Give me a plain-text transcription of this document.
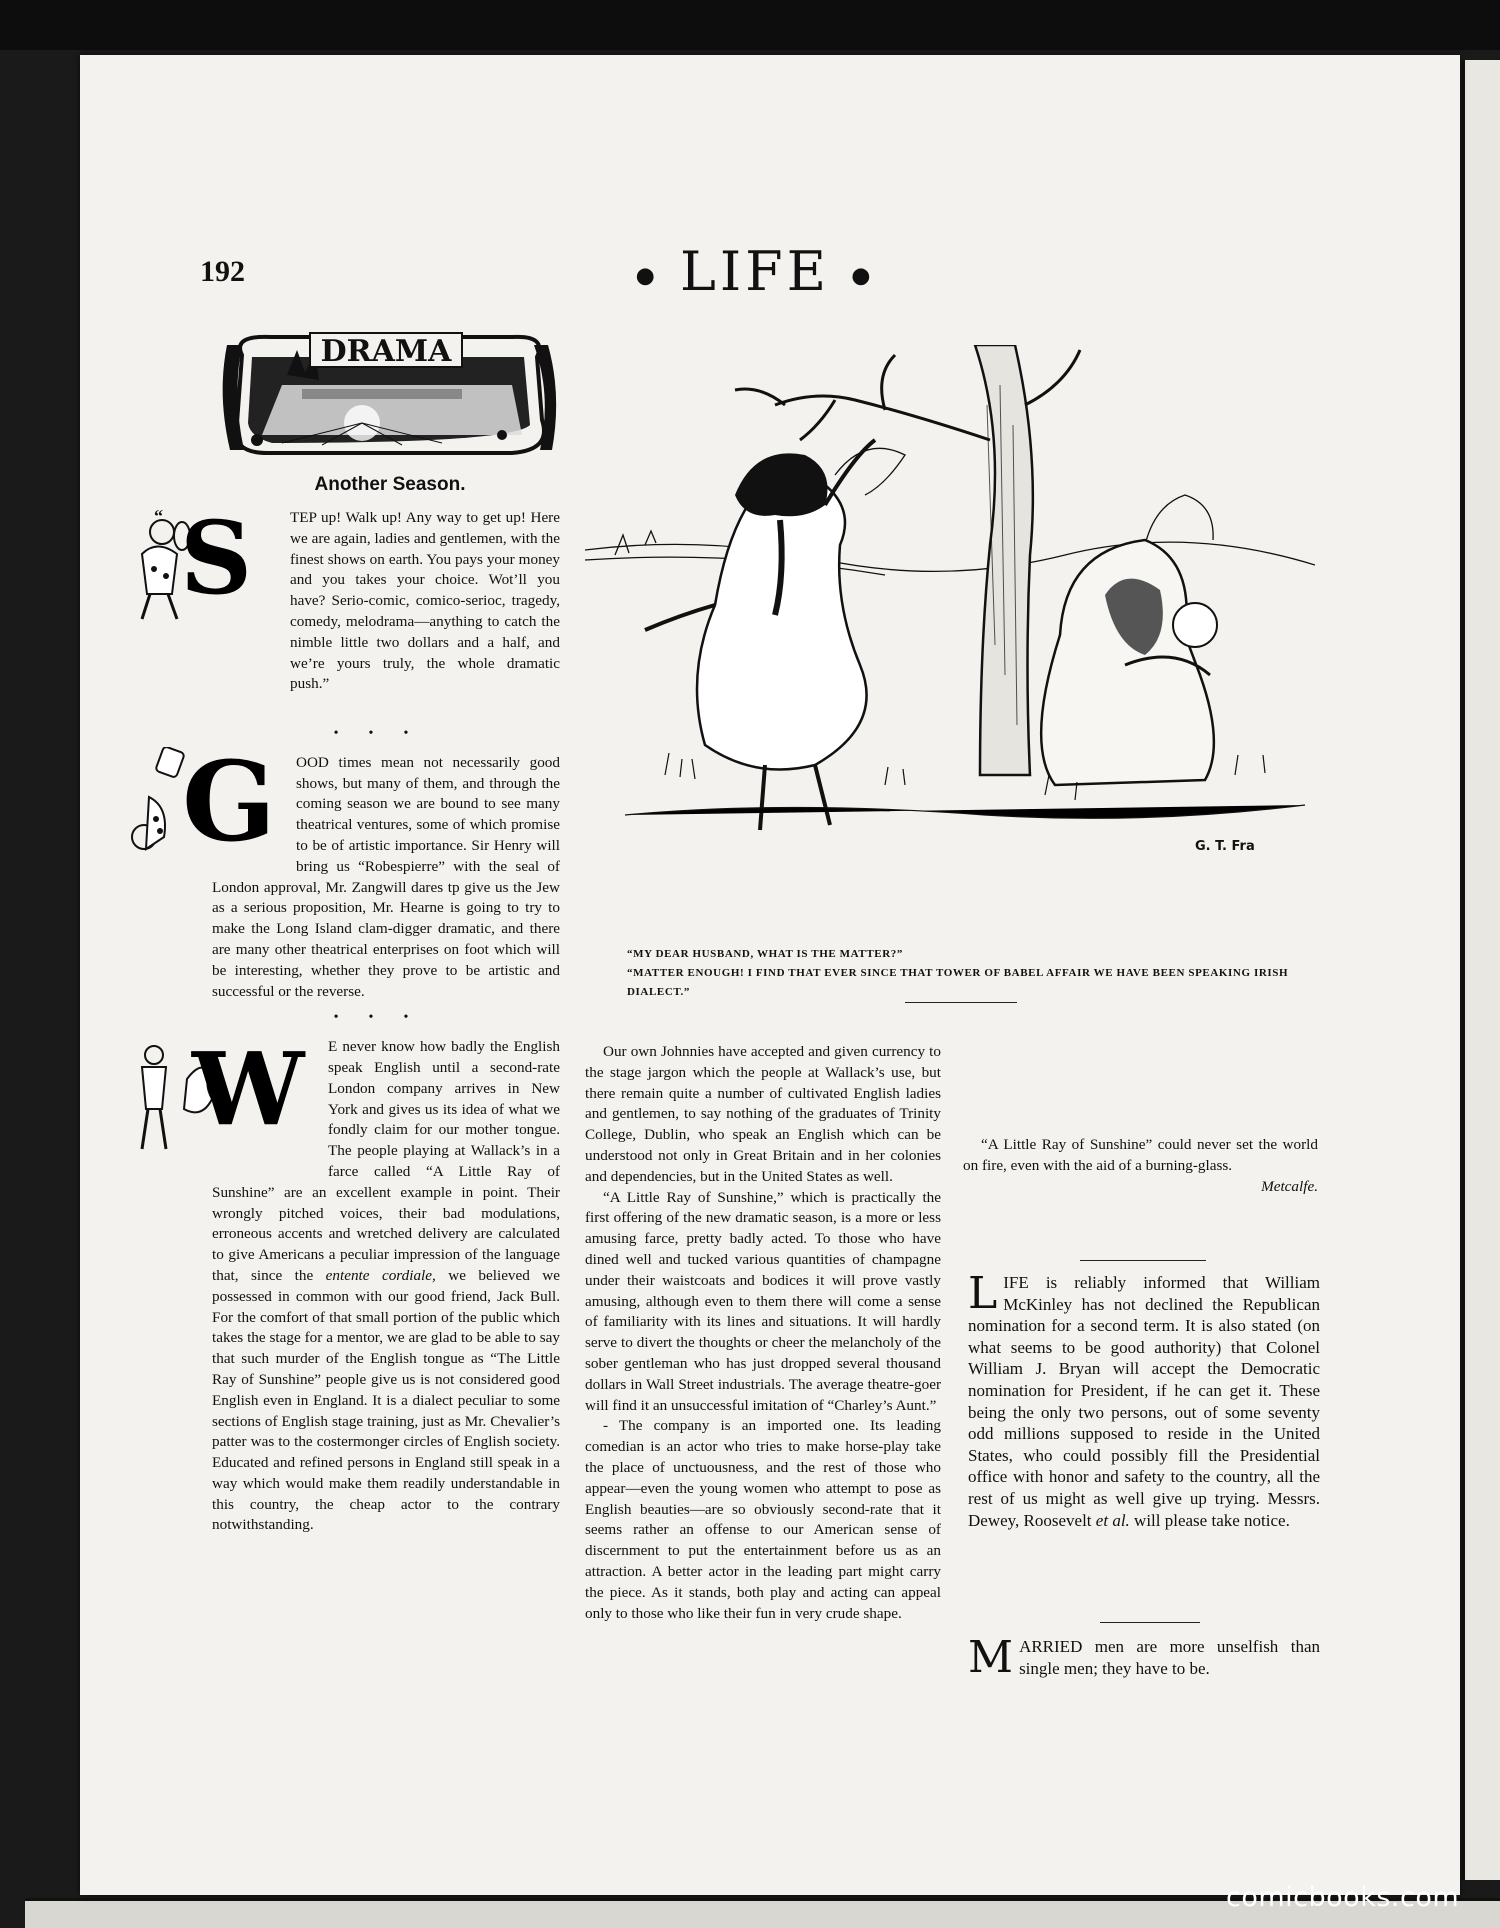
192	● LIFE ●
DRAMA
Another Season.
“ S	TEP up! Walk up! Any way to get up! Here we are again, ladies and gentlemen, with the finest shows on earth. You pays your money and you takes your choice. Wot’ll you have? Serio-comic, comico-serioc, tragedy, comedy, melodrama—anything to catch the nimble little two dollars and a half, and we’re yours truly, the whole dramatic push.”

•••
G	OOD times mean not necessarily good shows, but many of them, and through the coming season we are bound to see many theatrical ventures, some of which promise to be of artistic importance. Sir Henry will bring us “Robespierre” with the seal of London approval, Mr. Zangwill dares tp give us the Jew as a serious proposition, Mr. Hearne is going to try to make the Long Island clam-digger dramatic, and there are many other theatrical enterprises on foot which will be interesting, whether they prove to be artistic and successful or the reverse.

•••
W	E never know how badly the English speak English until a second-rate London company arrives in New York and gives us its idea of what we fondly claim for our mother tongue. The people playing at Wallack’s in a farce called “A Little Ray of Sunshine” are an excellent example in point. Their wrongly pitched voices, their bad modulations, erroneous accents and wretched delivery are calculated to give Americans a peculiar impression of the language that, since the entente cordiale, we believed we possessed in common with our good friend, Jack Bull. For the comfort of that small portion of the public which takes the stage for a mentor, we are glad to be able to say that such murder of the English tongue as “The Little Ray of Sunshine” people give us is not considered good English even in England. It is a dialect peculiar to some sections of English stage training, just as Mr. Chevalier’s patter was to the costermonger circles of English society. Educated and refined persons in England still speak in a way which would make them readily understandable in this country, the cheap actor to the contrary notwithstanding.

G. T. Fra
“MY DEAR HUSBAND, WHAT IS THE MATTER?”
“MATTER ENOUGH! I FIND THAT EVER SINCE THAT TOWER OF BABEL AFFAIR WE HAVE BEEN SPEAKING IRISH DIALECT.”

Our own Johnnies have accepted and given currency to the stage jargon which the people at Wallack’s use, but there remain quite a number of cultivated English ladies and gentlemen, to say nothing of the graduates of Trinity College, Dublin, who speak an English which can be understood not only in Great Britain and in her colonies and dependencies, but in the United States as well.

“A Little Ray of Sunshine,” which is practically the first offering of the new dramatic season, is a more or less amusing farce, pretty badly acted. To those who have dined well and tucked various quantities of champagne under their waistcoats and bodices it will prove vastly amusing, although even to them there will come a sense of familiarity with its lines and situations. It will hardly serve to divert the thoughts or cheer the melancholy of the sober gentleman who has just dropped several thousand dollars in Wall Street industrials. The average theatre-goer will find it an unsuccessful imitation of “Charley’s Aunt.”

- The company is an imported one. Its leading comedian is an actor who tries to make horse-play take the place of unctuousness, and the rest of those who appear—even the young women who attempt to pose as English beauties—are so obviously second-rate that it seems rather an offense to our American sense of discernment to put the entertainment before us as an attraction. A better actor in the leading part might carry the piece. As it stands, both play and acting can appeal only to those who like their fun in very crude shape.

“A Little Ray of Sunshine” could never set the world on fire, even with the aid of a burning-glass.

Metcalfe.

LIFE is reliably informed that William McKinley has not declined the Republican nomination for a second term. It is also stated (on what seems to be good authority) that Colonel William J. Bryan will accept the Democratic nomination for President, if he can get it. These being the only two persons, out of some seventy odd millions supposed to reside in the United States, who could possibly fill the Presidential office with honor and safety to the country, all the rest of us might as well give up trying. Messrs. Dewey, Roosevelt et al. will please take notice.
MARRIED men are more unselfish than single men; they have to be.
comicbooks.com
